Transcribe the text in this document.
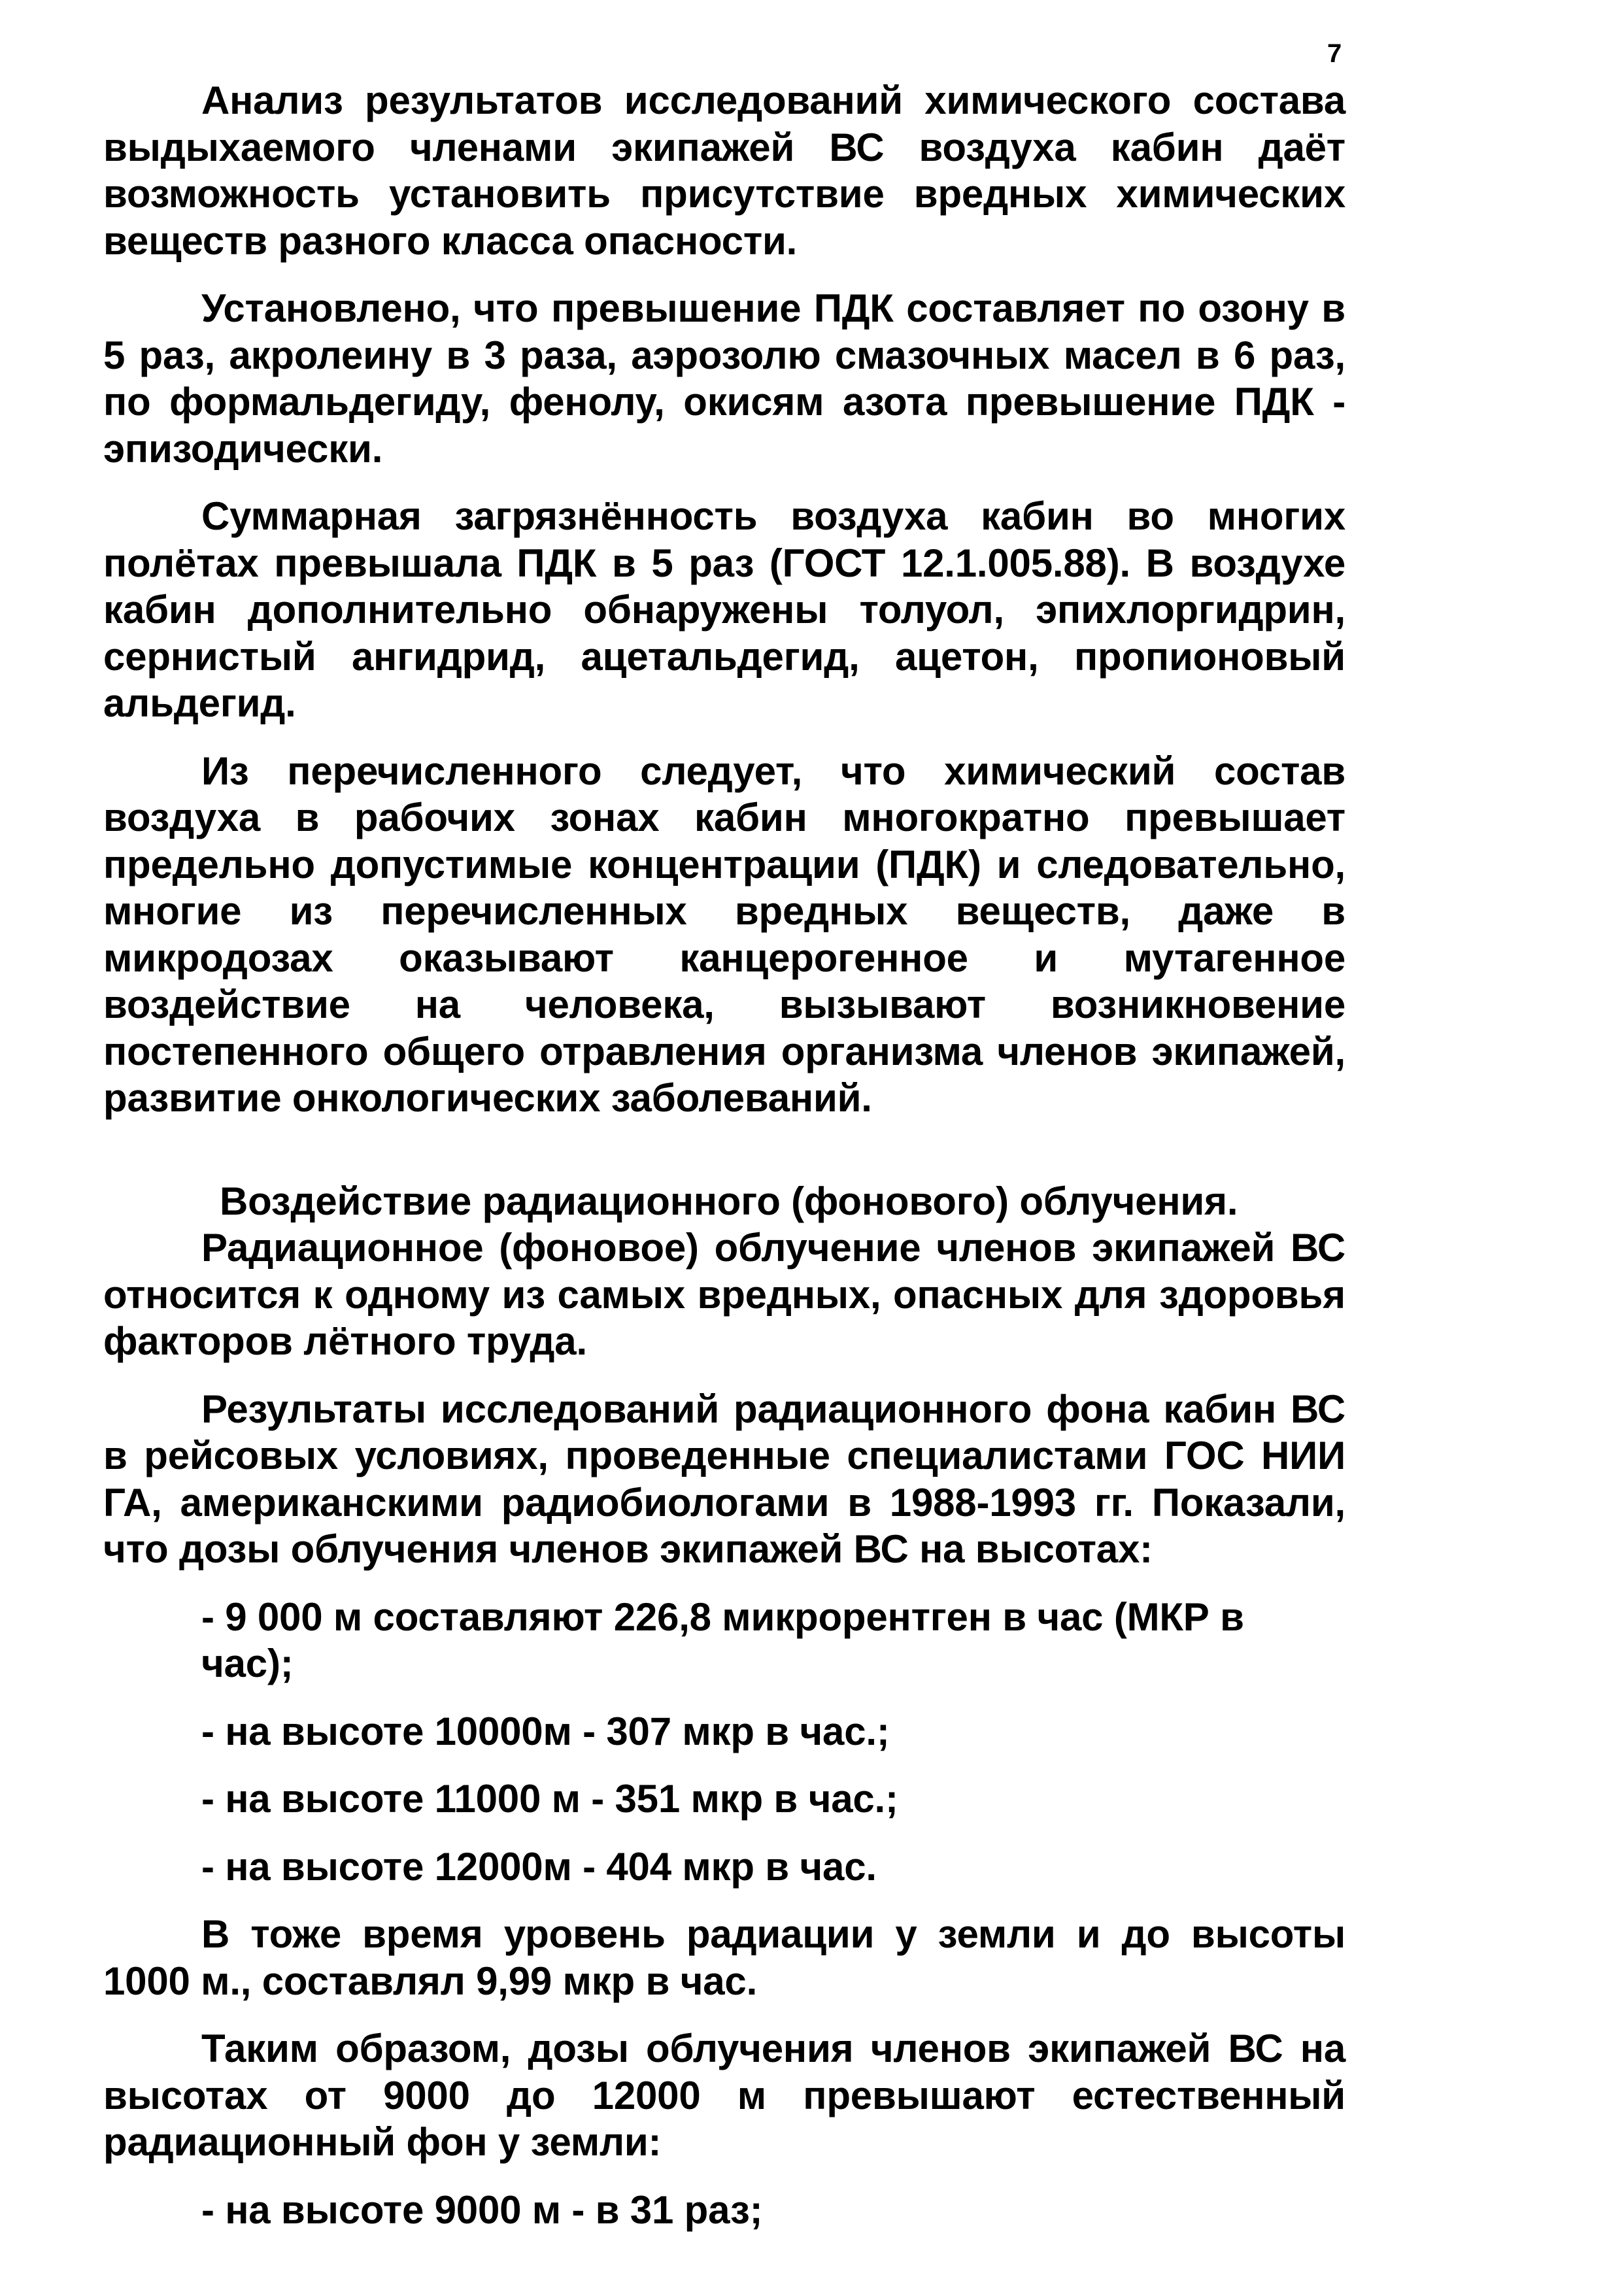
7

Анализ результатов исследований химического состава выдыхаемого членами экипажей ВС воздуха кабин даёт возможность установить присутствие вредных химических веществ разного класса опасности.

Установлено, что превышение ПДК составляет по озону в 5 раз, акролеину в 3 раза, аэрозолю смазочных масел в 6 раз, по формальдегиду, фенолу, окисям азота превышение ПДК - эпизодически.

Суммарная загрязнённость воздуха кабин во многих полётах превышала ПДК в 5 раз (ГОСТ 12.1.005.88). В воздухе кабин дополнительно обнаружены толуол, эпихлоргидрин, сернистый ангидрид, ацетальдегид, ацетон, пропионовый альдегид.

Из перечисленного следует, что химический состав воздуха в рабочих зонах кабин многократно превышает предельно допустимые концентрации (ПДК) и следовательно, многие из перечисленных вредных веществ, даже в микродозах оказывают канцерогенное и мутагенное воздействие на человека, вызывают возникновение постепенного общего отравления организма членов экипажей, развитие онкологических заболеваний.

Воздействие радиационного (фонового) облучения.

Радиационное (фоновое) облучение членов экипажей ВС относится к одному из самых вредных, опасных для здоровья факторов лётного труда.

Результаты исследований радиационного фона кабин ВС в рейсовых условиях, проведенные специалистами ГОС НИИ ГА, американскими радиобиологами в 1988-1993 гг. Показали, что дозы облучения членов экипажей ВС на высотах:

- 9 000 м составляют 226,8 микрорентген в час (МКР в час);
- на высоте 10000м - 307 мкр в час.;
- на высоте 11000 м - 351 мкр в час.;
- на высоте 12000м - 404 мкр в час.

В тоже время уровень радиации у земли и до высоты 1000 м., составлял 9,99 мкр в час.

Таким образом, дозы облучения членов экипажей ВС на высотах от 9000 до 12000 м превышают естественный радиационный фон у земли:

- на высоте 9000 м - в 31 раз;
